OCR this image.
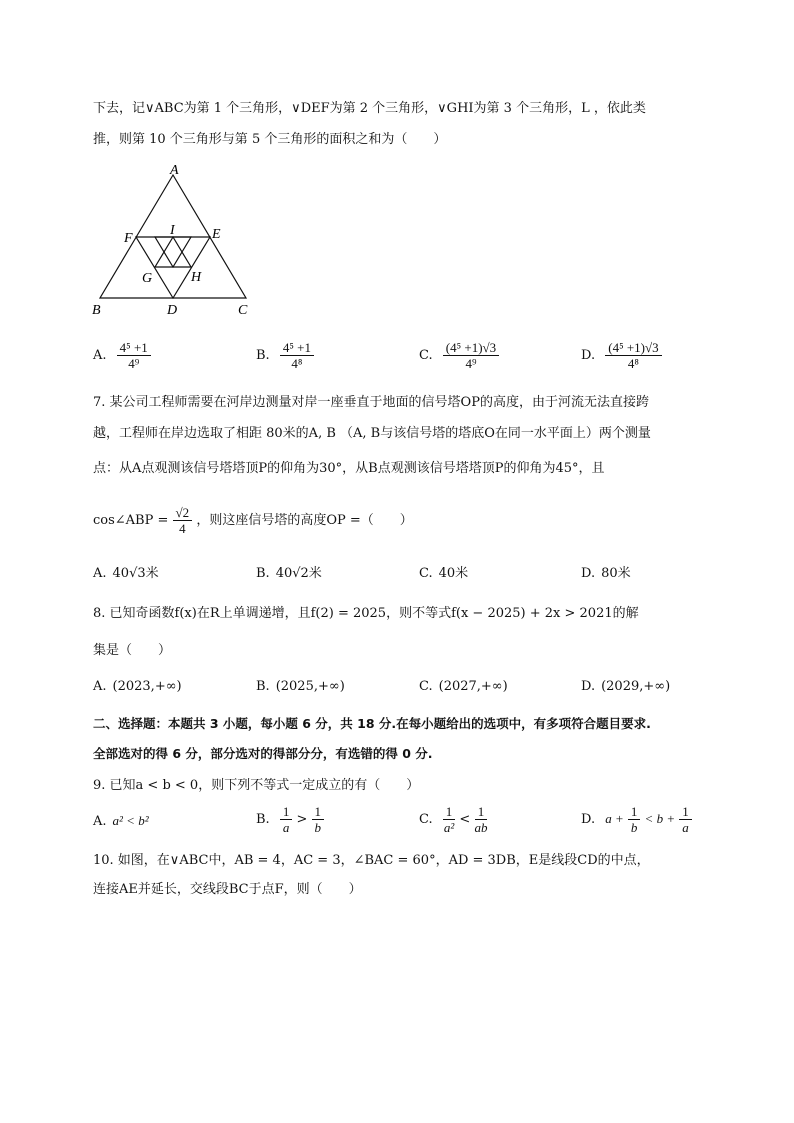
下去，记∨ABC为第 1 个三角形，∨DEF为第 2 个三角形，∨GHI为第 3 个三角形，L ，依此类
推，则第 10 个三角形与第 5 个三角形的面积之和为（　　）
A
B	C
D
E
F
G	H
I
A. $\frac{\text{4⁵ +1}}{\text{4⁹}}$	B. $\frac{\text{4⁵ +1}}{\text{4⁸}}$	C. $\frac{\text{(4⁵ +1)√3}}{\text{4⁹}}$	D. $\frac{\text{(4⁵ +1)√3}}{\text{4⁸}}$
7. 某公司工程师需要在河岸边测量对岸一座垂直于地面的信号塔OP的高度，由于河流无法直接跨
越，工程师在岸边选取了相距 80米的A, B （A, B与该信号塔的塔底O在同一水平面上）两个测量
点：从A点观测该信号塔塔顶P的仰角为30°，从B点观测该信号塔塔顶P的仰角为45°，且
cos∠ABP = $\frac{√2}{4}$ ，则这座信号塔的高度OP =（　　）
A. 40√3米	B. 40√2米	C. 40米	D. 80米
8. 已知奇函数f(x)在R上单调递增，且f(2) = 2025，则不等式f(x − 2025) + 2x > 2021的解
集是（　　）
A. (2023,+∞)	B. (2025,+∞)	C. (2027,+∞)	D. (2029,+∞)
二、选择题：本题共 3 小题，每小题 6 分，共 18 分.在每小题给出的选项中，有多项符合题目要求.
全部选对的得 6 分，部分选对的得部分分，有选错的得 0 分.
9. 已知a < b < 0，则下列不等式一定成立的有（　　）
A. a² < b²	B. $\frac{1}{a} > \frac{1}{b}$	C. $\frac{1}{\text{a²}} < \frac{1}{ab}$	D. $a + \frac{1}{b} < b + \frac{1}{a}$
10. 如图，在∨ABC中，AB = 4，AC = 3，∠BAC = 60°，AD = 3DB，E是线段CD的中点，
连接AE并延长，交线段BC于点F，则（　　）
